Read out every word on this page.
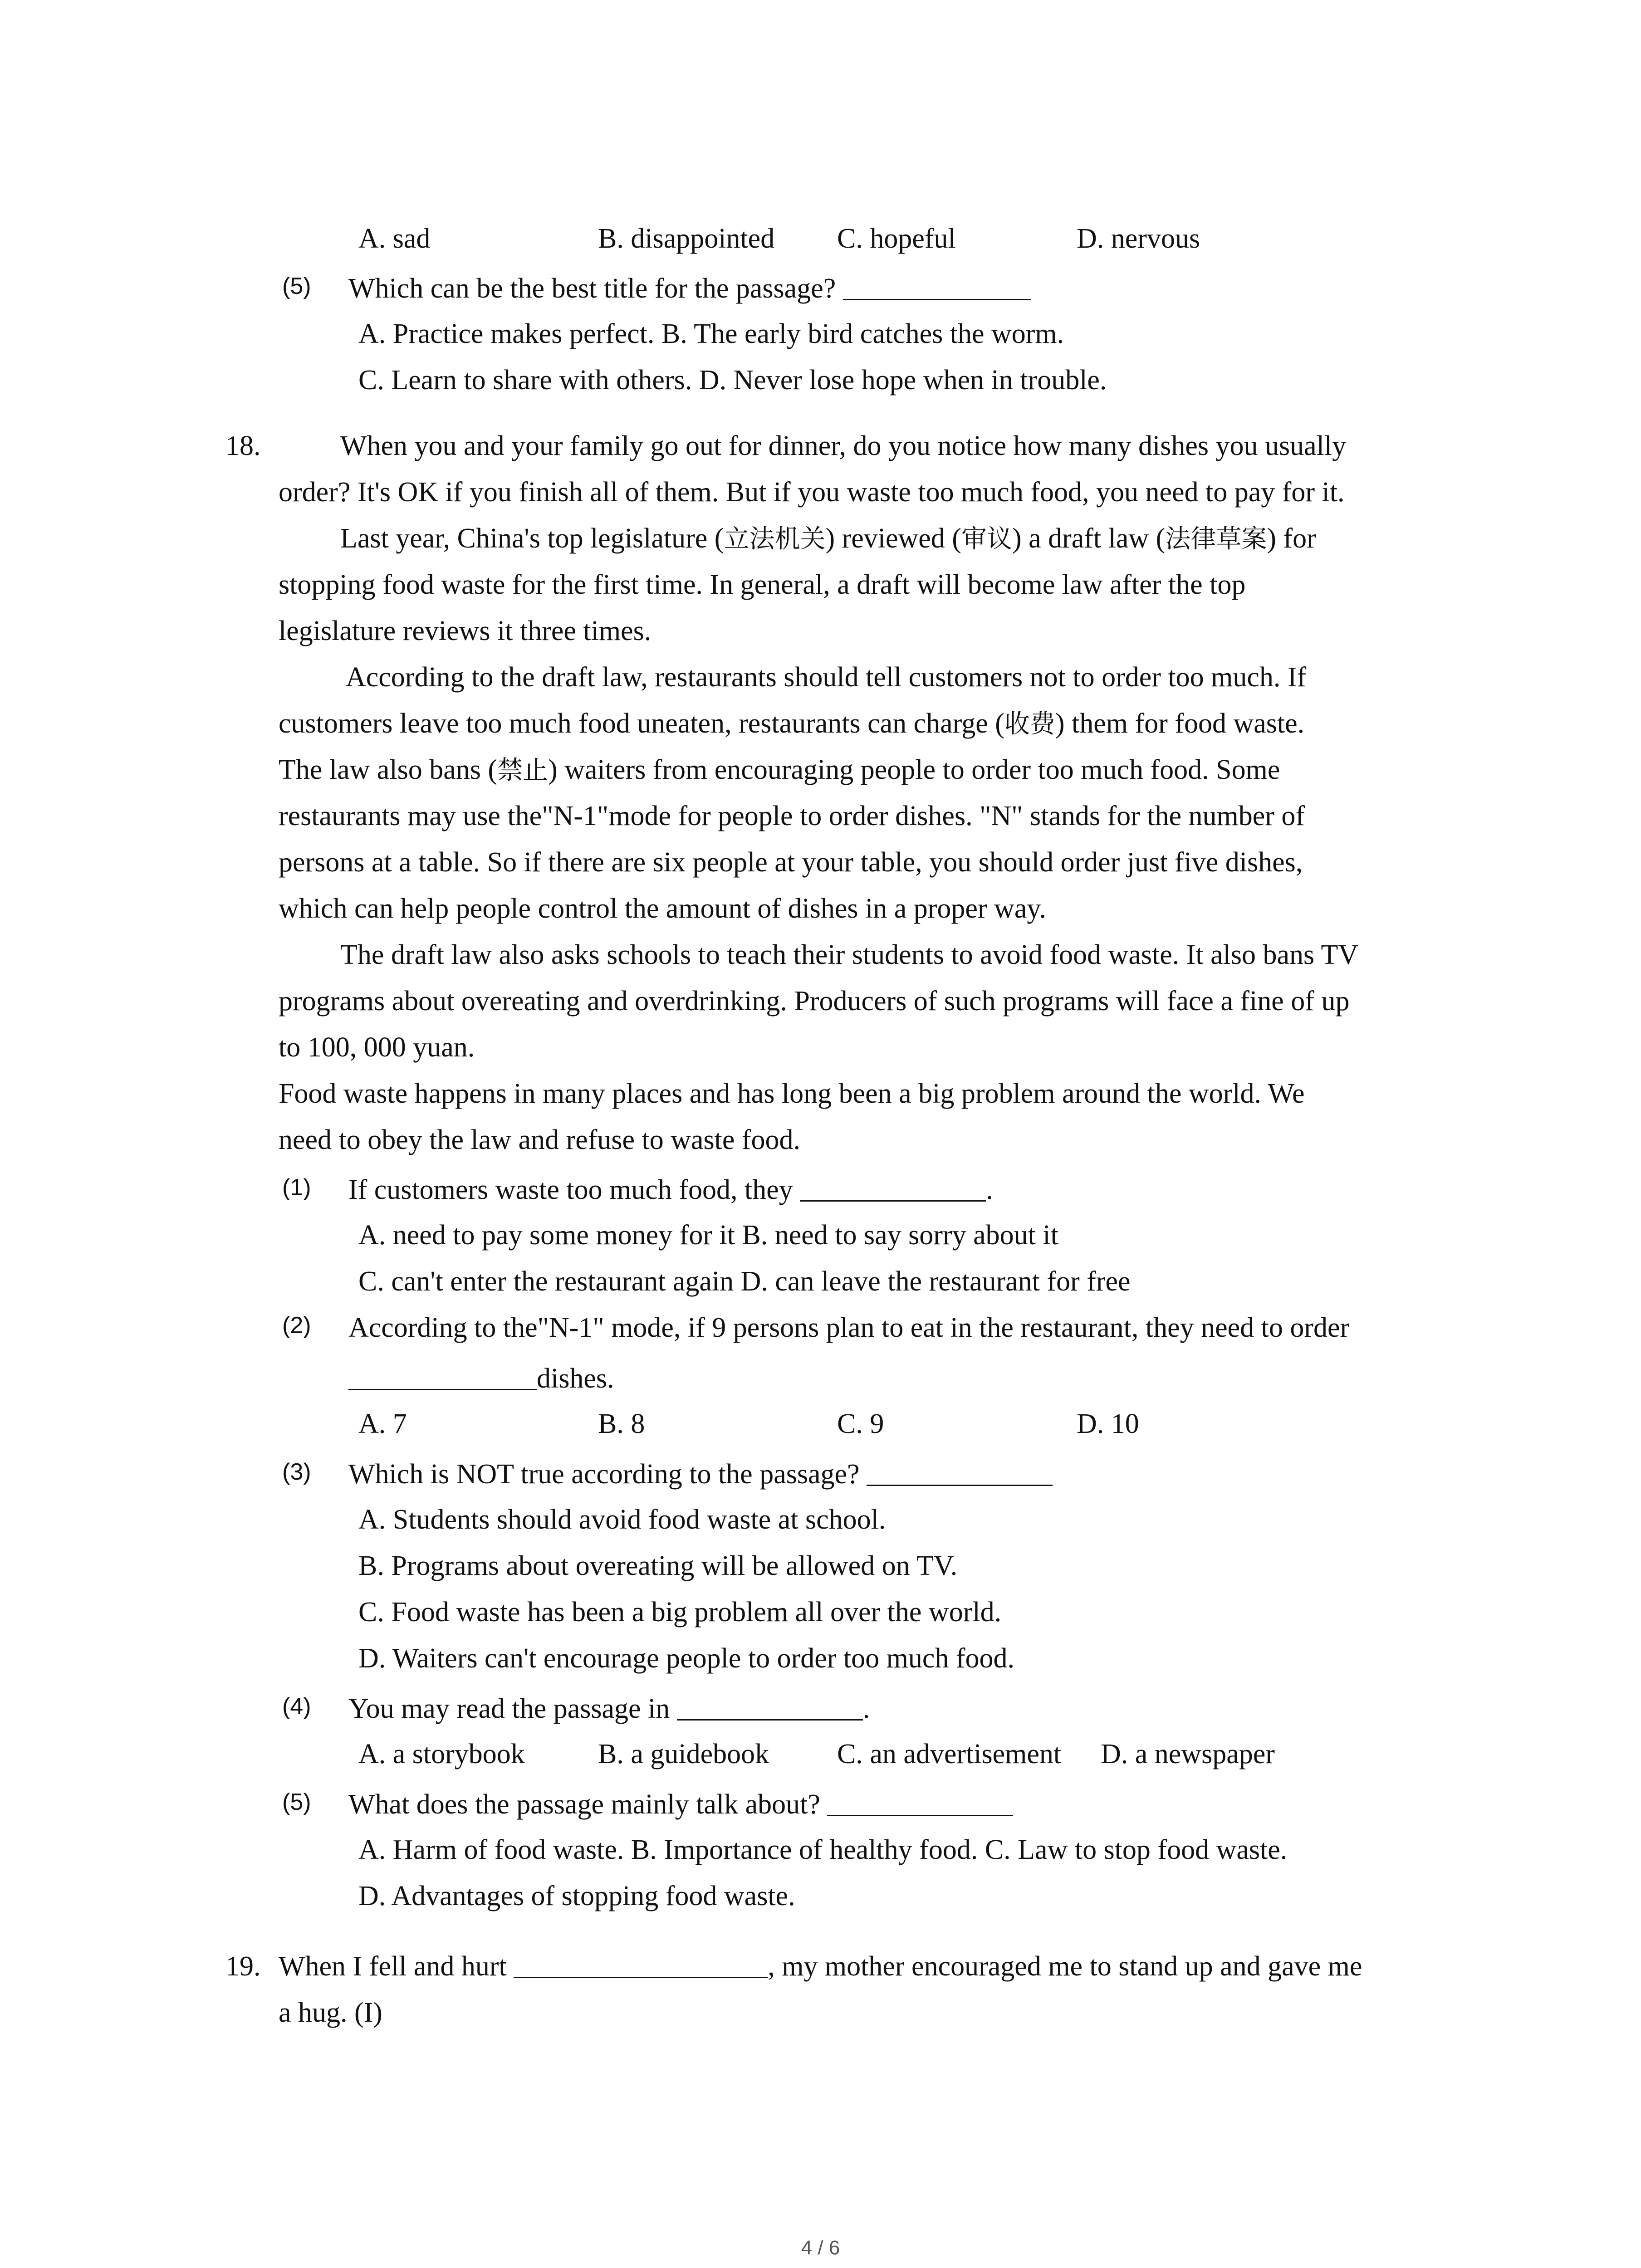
A. sad	B. disappointed C. hopeful	D. nervous
(5) Which can be the best title for the passage?
A. Practice makes perfect. B. The early bird catches the worm.
C. Learn to share with others. D. Never lose hope when in trouble.
18.	When you and your family go out for dinner, do you notice how many dishes you usually
order? It's OK if you finish all of them. But if you waste too much food, you need to pay for it.
Last year, China's top legislature (立法机关) reviewed (审议) a draft law (法律草案) for
stopping food waste for the first time. In general, a draft will become law after the top
legislature reviews it three times.
According to the draft law, restaurants should tell customers not to order too much. If
customers leave too much food uneaten, restaurants can charge (收费) them for food waste.
The law also bans (禁止) waiters from encouraging people to order too much food. Some
restaurants may use the"N-1"mode for people to order dishes. "N" stands for the number of
persons at a table. So if there are six people at your table, you should order just five dishes,
which can help people control the amount of dishes in a proper way.
The draft law also asks schools to teach their students to avoid food waste. It also bans TV
programs about overeating and overdrinking. Producers of such programs will face a fine of up
to 100, 000 yuan.
Food waste happens in many places and has long been a big problem around the world. We
need to obey the law and refuse to waste food.
(1) If customers waste too much food, they	.
A. need to pay some money for it B. need to say sorry about it
C. can't enter the restaurant again D. can leave the restaurant for free
(2) According to the"N-1" mode, if 9 persons plan to eat in the restaurant, they need to order
dishes.
A. 7	B. 8	C. 9	D. 10
(3) Which is NOT true according to the passage?
A. Students should avoid food waste at school.
B. Programs about overeating will be allowed on TV.
C. Food waste has been a big problem all over the world.
D. Waiters can't encourage people to order too much food.
(4) You may read the passage in	.
A. a storybook	B. a guidebook C. an advertisement D. a newspaper
(5) What does the passage mainly talk about?
A. Harm of food waste. B. Importance of healthy food. C. Law to stop food waste.
D. Advantages of stopping food waste.
19. When I fell and hurt	, my mother encouraged me to stand up and gave me
a hug. (I)
4 / 6
